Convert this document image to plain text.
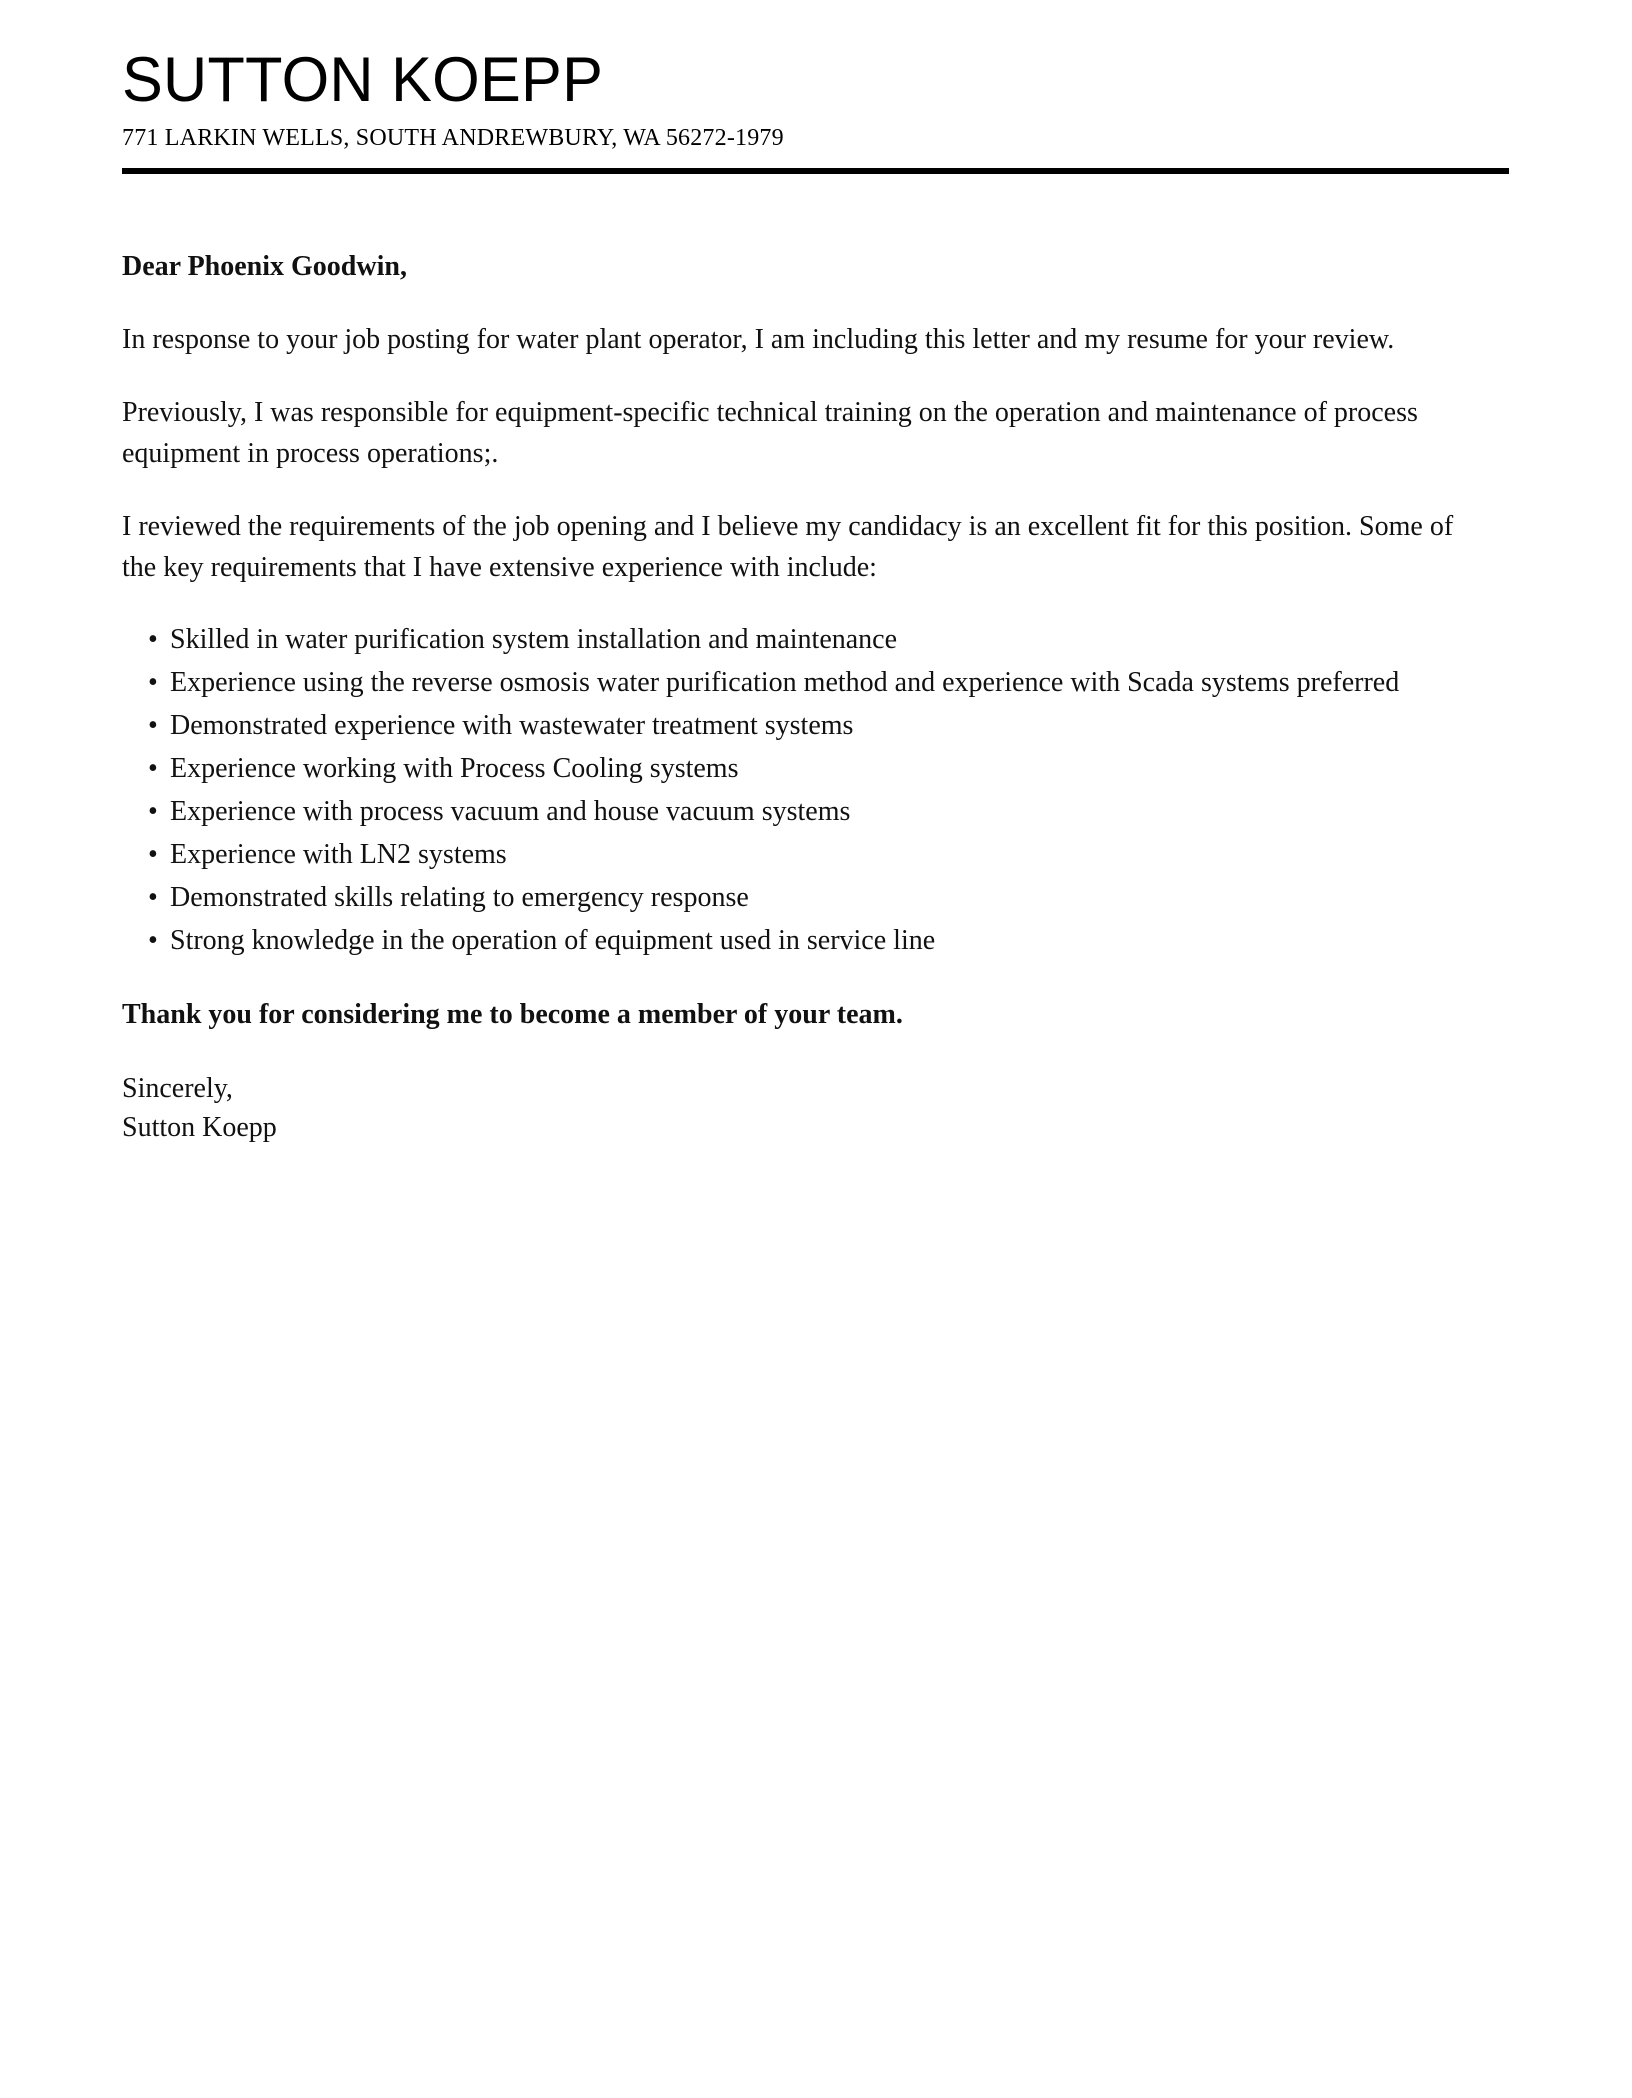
SUTTON KOEPP
771 LARKIN WELLS, SOUTH ANDREWBURY, WA 56272-1979

Dear Phoenix Goodwin,

In response to your job posting for water plant operator, I am including this letter and my resume for your review.

Previously, I was responsible for equipment-specific technical training on the operation and maintenance of process equipment in process operations;.

I reviewed the requirements of the job opening and I believe my candidacy is an excellent fit for this position. Some of the key requirements that I have extensive experience with include:

• Skilled in water purification system installation and maintenance
• Experience using the reverse osmosis water purification method and experience with Scada systems preferred
• Demonstrated experience with wastewater treatment systems
• Experience working with Process Cooling systems
• Experience with process vacuum and house vacuum systems
• Experience with LN2 systems
• Demonstrated skills relating to emergency response
• Strong knowledge in the operation of equipment used in service line

Thank you for considering me to become a member of your team.

Sincerely,
Sutton Koepp
